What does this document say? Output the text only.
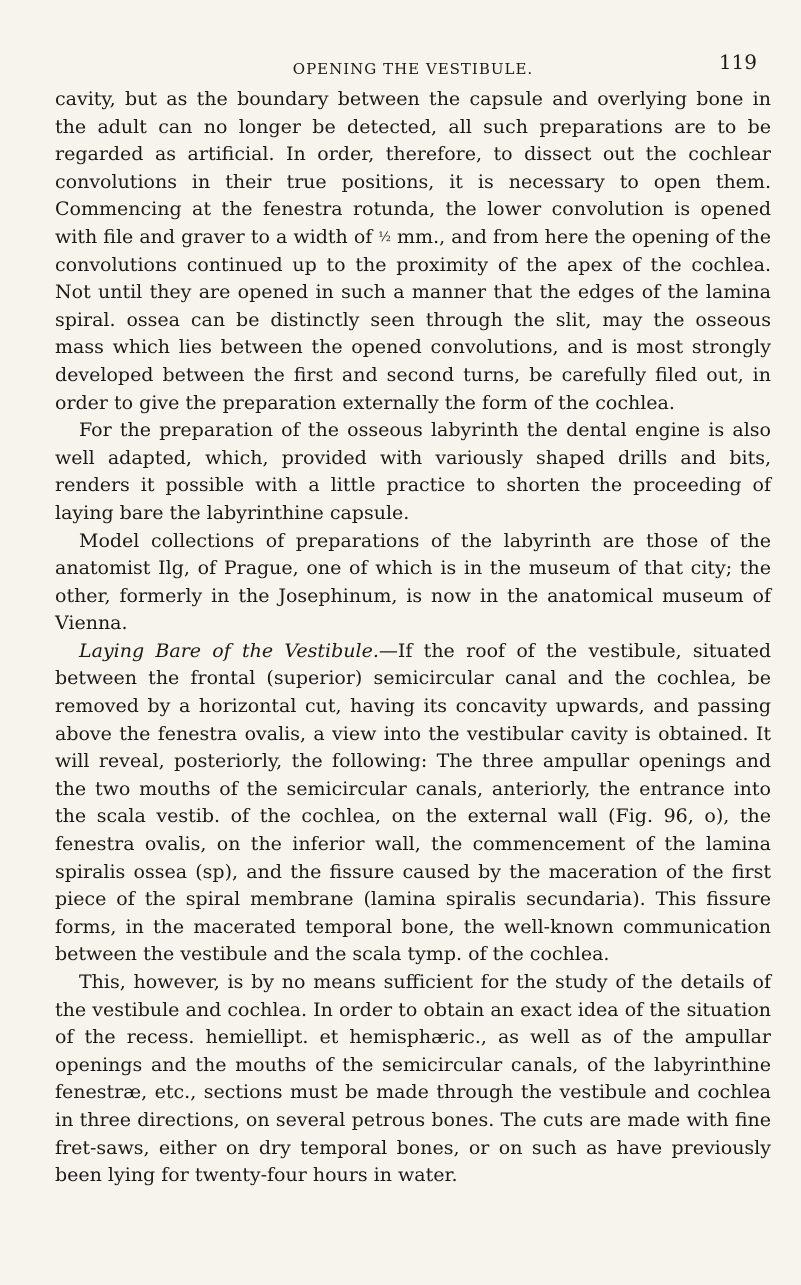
OPENING THE VESTIBULE.	119

cavity, but as the boundary between the capsule and overlying bone in the adult can no longer be detected, all such preparations are to be regarded as artificial. In order, therefore, to dissect out the cochlear convolutions in their true positions, it is necessary to open them. Commencing at the fenestra rotunda, the lower convolution is opened with file and graver to a width of ½ mm., and from here the opening of the convolutions continued up to the proximity of the apex of the cochlea. Not until they are opened in such a manner that the edges of the lamina spiral. ossea can be distinctly seen through the slit, may the osseous mass which lies between the opened convolutions, and is most strongly developed between the first and second turns, be carefully filed out, in order to give the preparation externally the form of the cochlea.

For the preparation of the osseous labyrinth the dental engine is also well adapted, which, provided with variously shaped drills and bits, renders it possible with a little practice to shorten the proceeding of laying bare the labyrinthine capsule.

Model collections of preparations of the labyrinth are those of the anatomist Ilg, of Prague, one of which is in the museum of that city; the other, formerly in the Josephinum, is now in the anatomical museum of Vienna.

Laying Bare of the Vestibule.—If the roof of the vestibule, situated between the frontal (superior) semicircular canal and the cochlea, be removed by a horizontal cut, having its concavity upwards, and passing above the fenestra ovalis, a view into the vestibular cavity is obtained. It will reveal, posteriorly, the following: The three ampullar openings and the two mouths of the semicircular canals, anteriorly, the entrance into the scala vestib. of the cochlea, on the external wall (Fig. 96, o), the fenestra ovalis, on the inferior wall, the commencement of the lamina spiralis ossea (sp), and the fissure caused by the maceration of the first piece of the spiral membrane (lamina spiralis secundaria). This fissure forms, in the macerated temporal bone, the well-known communication between the vestibule and the scala tymp. of the cochlea.

This, however, is by no means sufficient for the study of the details of the vestibule and cochlea. In order to obtain an exact idea of the situation of the recess. hemiellipt. et hemisphæric., as well as of the ampullar openings and the mouths of the semicircular canals, of the labyrinthine fenestræ, etc., sections must be made through the vestibule and cochlea in three directions, on several petrous bones. The cuts are made with fine fret-saws, either on dry temporal bones, or on such as have previously been lying for twenty-four hours in water.
